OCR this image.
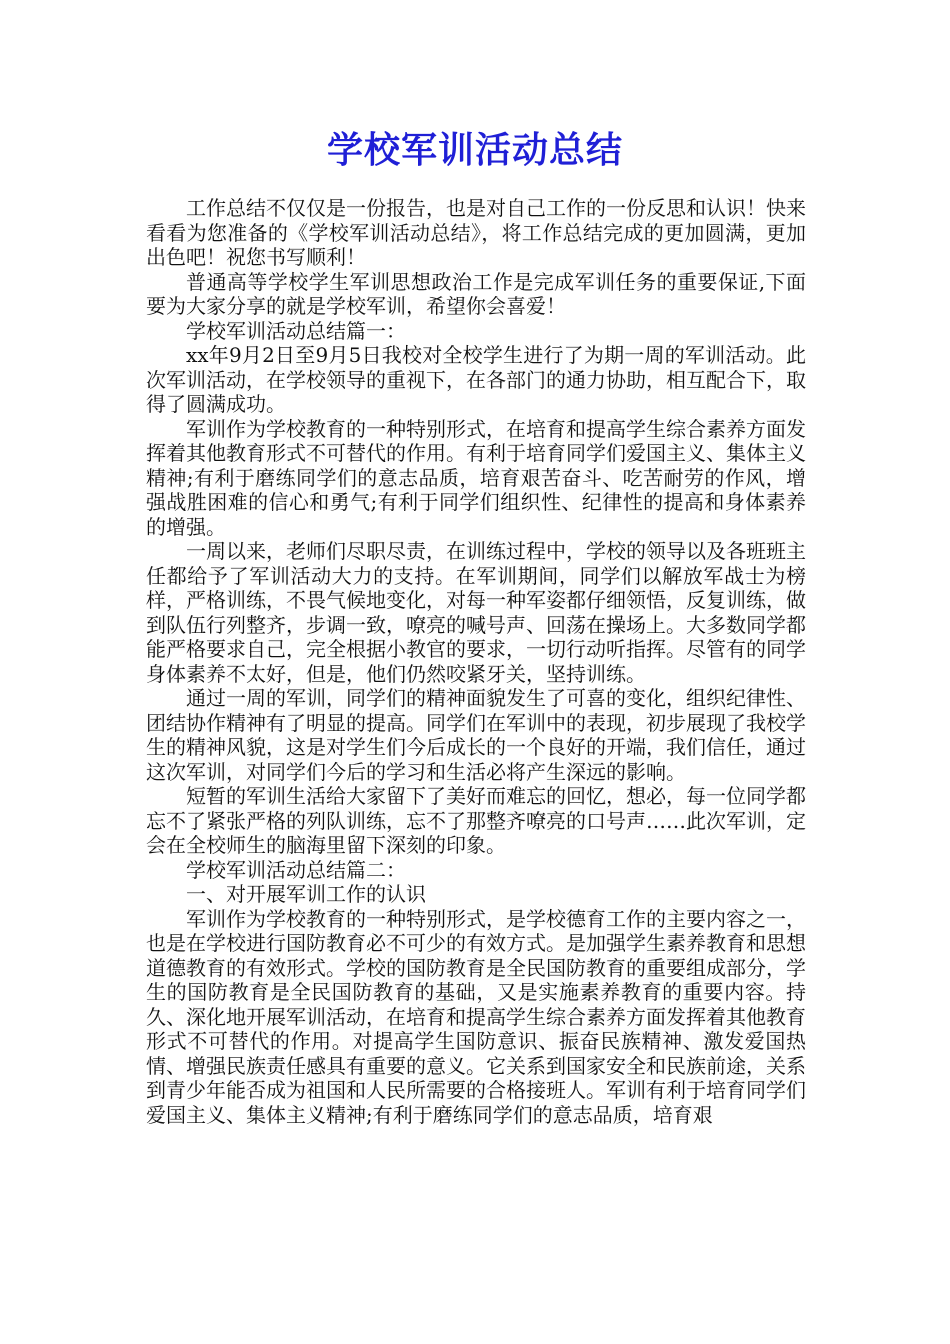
学校军训活动总结

工作总结不仅仅是一份报告，也是对自己工作的一份反思和认识！快来看看为您准备的《学校军训活动总结》，将工作总结完成的更加圆满，更加出色吧！祝您书写顺利！

普通高等学校学生军训思想政治工作是完成军训任务的重要保证,下面要为大家分享的就是学校军训，希望你会喜爱！

学校军训活动总结篇一：

xx年9月2日至9月5日我校对全校学生进行了为期一周的军训活动。此次军训活动，在学校领导的重视下，在各部门的通力协助，相互配合下，取得了圆满成功。

军训作为学校教育的一种特别形式，在培育和提高学生综合素养方面发挥着其他教育形式不可替代的作用。有利于培育同学们爱国主义、集体主义精神;有利于磨练同学们的意志品质，培育艰苦奋斗、吃苦耐劳的作风，增强战胜困难的信心和勇气;有利于同学们组织性、纪律性的提高和身体素养的增强。

一周以来，老师们尽职尽责，在训练过程中，学校的领导以及各班班主任都给予了军训活动大力的支持。在军训期间，同学们以解放军战士为榜样，严格训练，不畏气候地变化，对每一种军姿都仔细领悟，反复训练，做到队伍行列整齐，步调一致，嘹亮的喊号声、回荡在操场上。大多数同学都能严格要求自己，完全根据小教官的要求，一切行动听指挥。尽管有的同学身体素养不太好，但是，他们仍然咬紧牙关，坚持训练。

通过一周的军训，同学们的精神面貌发生了可喜的变化，组织纪律性、团结协作精神有了明显的提高。同学们在军训中的表现，初步展现了我校学生的精神风貌，这是对学生们今后成长的一个良好的开端，我们信任，通过这次军训，对同学们今后的学习和生活必将产生深远的影响。

短暂的军训生活给大家留下了美好而难忘的回忆，想必，每一位同学都忘不了紧张严格的列队训练，忘不了那整齐嘹亮的口号声……此次军训，定会在全校师生的脑海里留下深刻的印象。

学校军训活动总结篇二：

一、对开展军训工作的认识

军训作为学校教育的一种特别形式，是学校德育工作的主要内容之一，也是在学校进行国防教育必不可少的有效方式。是加强学生素养教育和思想道德教育的有效形式。学校的国防教育是全民国防教育的重要组成部分，学生的国防教育是全民国防教育的基础，又是实施素养教育的重要内容。持久、深化地开展军训活动，在培育和提高学生综合素养方面发挥着其他教育形式不可替代的作用。对提高学生国防意识、振奋民族精神、激发爱国热情、增强民族责任感具有重要的意义。它关系到国家安全和民族前途，关系到青少年能否成为祖国和人民所需要的合格接班人。军训有利于培育同学们爱国主义、集体主义精神;有利于磨练同学们的意志品质，培育艰
